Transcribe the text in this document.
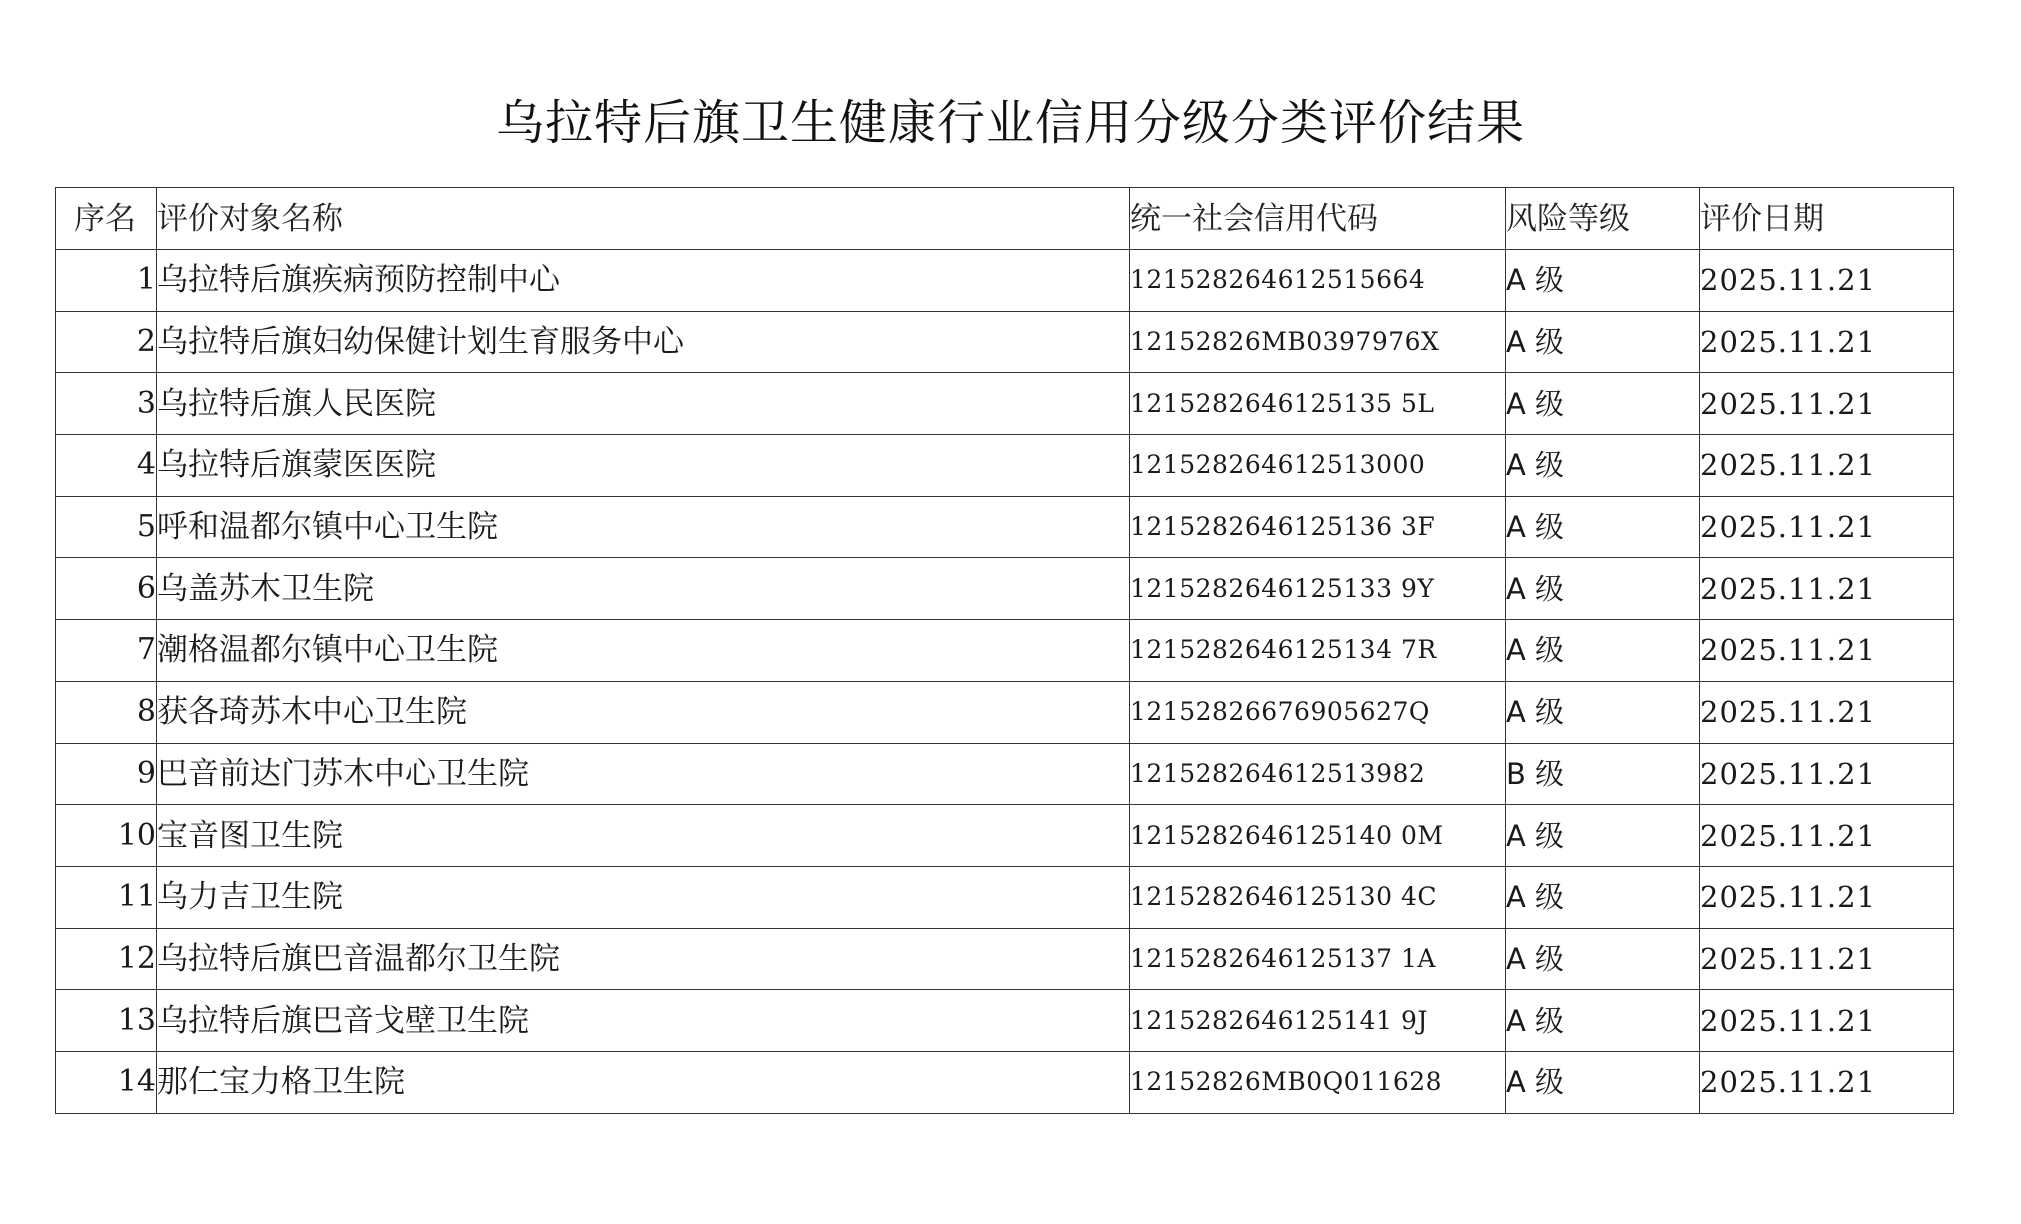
乌拉特后旗卫生健康行业信用分级分类评价结果
序名	评价对象名称	统一社会信用代码	风险等级	评价日期
1	乌拉特后旗疾病预防控制中心	121528264612515664	A 级	2025.11.21
2	乌拉特后旗妇幼保健计划生育服务中心	12152826MB0397976X	A 级	2025.11.21
3	乌拉特后旗人民医院	1215282646125135 5L	A 级	2025.11.21
4	乌拉特后旗蒙医医院	121528264612513000	A 级	2025.11.21
5	呼和温都尔镇中心卫生院	1215282646125136 3F	A 级	2025.11.21
6	乌盖苏木卫生院	1215282646125133 9Y	A 级	2025.11.21
7	潮格温都尔镇中心卫生院	1215282646125134 7R	A 级	2025.11.21
8	获各琦苏木中心卫生院	12152826676905627Q	A 级	2025.11.21
9	巴音前达门苏木中心卫生院	121528264612513982	B 级	2025.11.21
10	宝音图卫生院	1215282646125140 0M	A 级	2025.11.21
11	乌力吉卫生院	1215282646125130 4C	A 级	2025.11.21
12	乌拉特后旗巴音温都尔卫生院	1215282646125137 1A	A 级	2025.11.21
13	乌拉特后旗巴音戈壁卫生院	1215282646125141 9J	A 级	2025.11.21
14	那仁宝力格卫生院	12152826MB0Q011628	A 级	2025.11.21
